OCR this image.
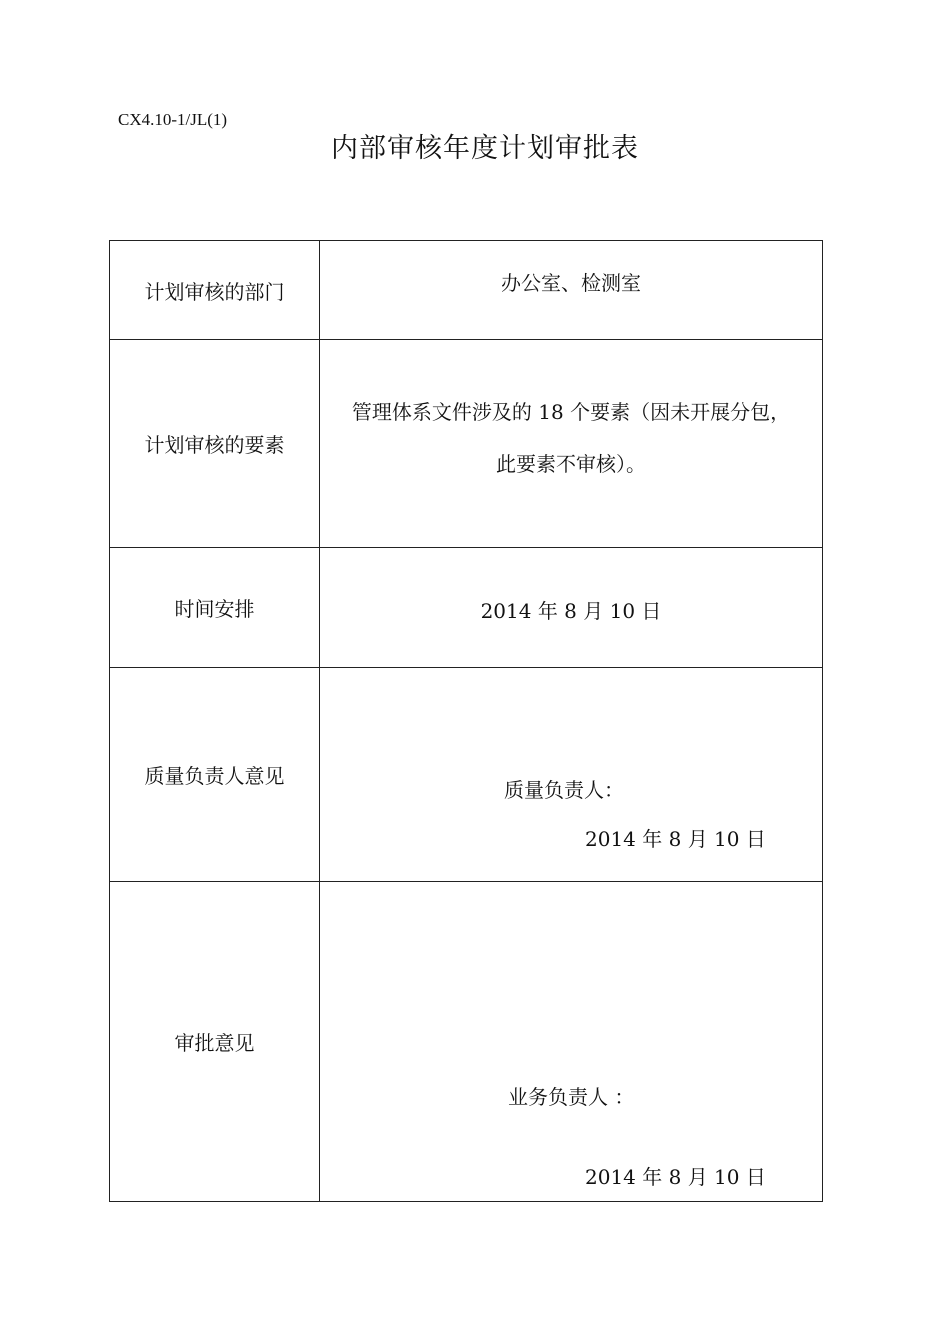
CX4.10-1/JL(1)
内部审核年度计划审批表
计划审核的部门	办公室、检测室

计划审核的要素	管理体系文件涉及的 18 个要素（因未开展分包，
此要素不审核）。

时间安排	2014 年 8 月 10 日

质量负责人意见	质量负责人：
2014 年 8 月 10 日

审批意见	业务负责人 ：
2014 年 8 月 10 日
